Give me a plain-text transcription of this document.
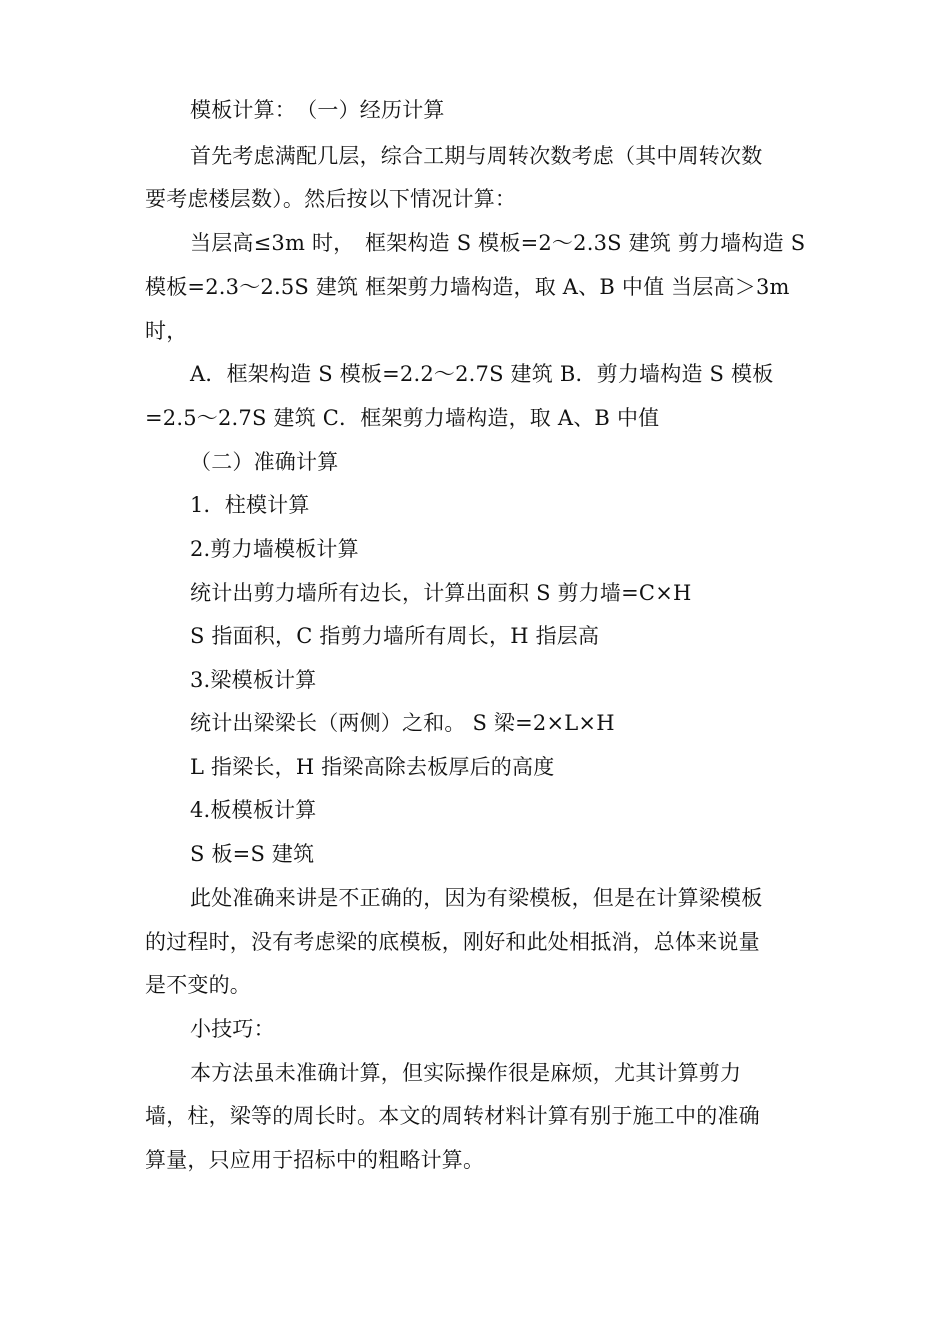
模板计算：　（一）经历计算
首先考虑满配几层，综合工期与周转次数考虑（其中周转次数
要考虑楼层数）。然后按以下情况计算：
当层高≤3m 时，　框架构造 S 模板=2～2.3S 建筑 剪力墙构造 S
模板=2.3～2.5S 建筑 框架剪力墙构造，取 A、B 中值 当层高＞3m
时，
A．框架构造 S 模板=2.2～2.7S 建筑 B．剪力墙构造 S 模板
=2.5～2.7S 建筑 C．框架剪力墙构造，取 A、B 中值
（二）准确计算
1．柱模计算
2.剪力墙模板计算
统计出剪力墙所有边长，计算出面积 S 剪力墙=C×H
S 指面积，C 指剪力墙所有周长，H 指层高
3.梁模板计算
统计出梁梁长（两侧）之和。 S 梁=2×L×H
L 指梁长，H 指梁高除去板厚后的高度
4.板模板计算
S 板=S 建筑
此处准确来讲是不正确的，因为有梁模板，但是在计算梁模板
的过程时，没有考虑梁的底模板，刚好和此处相抵消，总体来说量
是不变的。
小技巧：
本方法虽未准确计算，但实际操作很是麻烦，尤其计算剪力
墙，柱，梁等的周长时。本文的周转材料计算有别于施工中的准确
算量，只应用于招标中的粗略计算。
